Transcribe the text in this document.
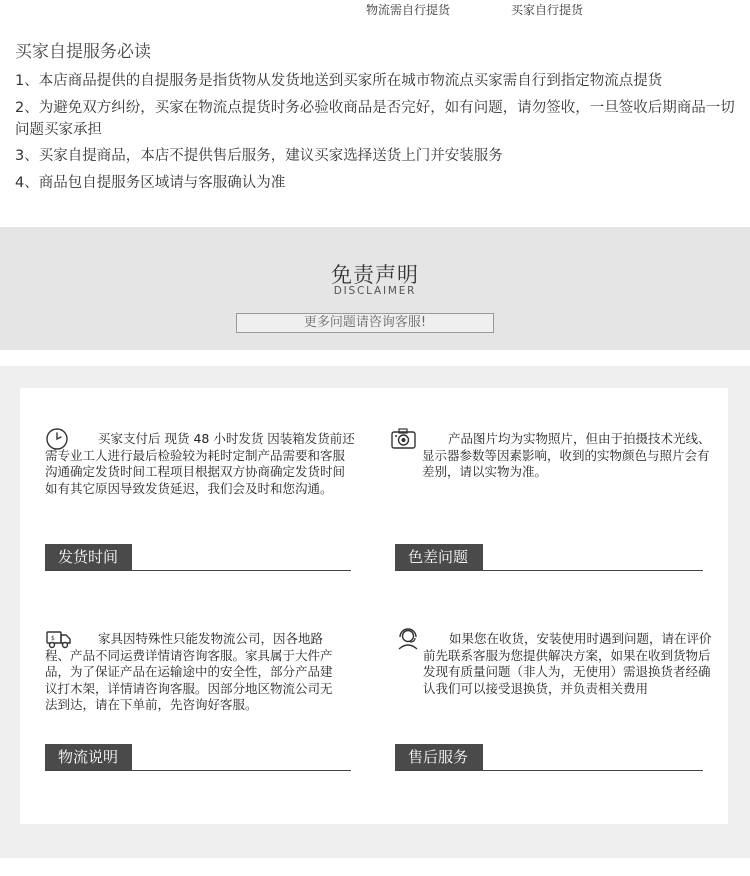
物流需自行提货	买家自行提货
买家自提服务必读
1、本店商品提供的自提服务是指货物从发货地送到买家所在城市物流点买家需自行到指定物流点提货
2、为避免双方纠纷，买家在物流点提货时务必验收商品是否完好，如有问题，请勿签收，一旦签收后期商品一切问题买家承担
3、买家自提商品，本店不提供售后服务，建议买家选择送货上门并安装服务
4、商品包自提服务区域请与客服确认为准
免责声明
DISCLAIMER
更多问题请咨询客服!
买家支付后 现货 48 小时发货 因装箱发货前还需专业工人进行最后检验较为耗时定制产品需要和客服沟通确定发货时间工程项目根据双方协商确定发货时间如有其它原因导致发货延迟，我们会及时和您沟通。
发货时间
产品图片均为实物照片，但由于拍摄技术光线、显示器参数等因素影响，收到的实物颜色与照片会有差别，请以实物为准。
色差问题
$	家具因特殊性只能发物流公司，因各地路程、产品不同运费详情请咨询客服。家具属于大件产品，为了保证产品在运输途中的安全性，部分产品建议打木架，详情请咨询客服。因部分地区物流公司无法到达，请在下单前，先咨询好客服。
物流说明
如果您在收货，安装使用时遇到问题，请在评价前先联系客服为您提供解决方案，如果在收到货物后发现有质量问题（非人为，无使用）需退换货者经确认我们可以接受退换货，并负责相关费用
售后服务
